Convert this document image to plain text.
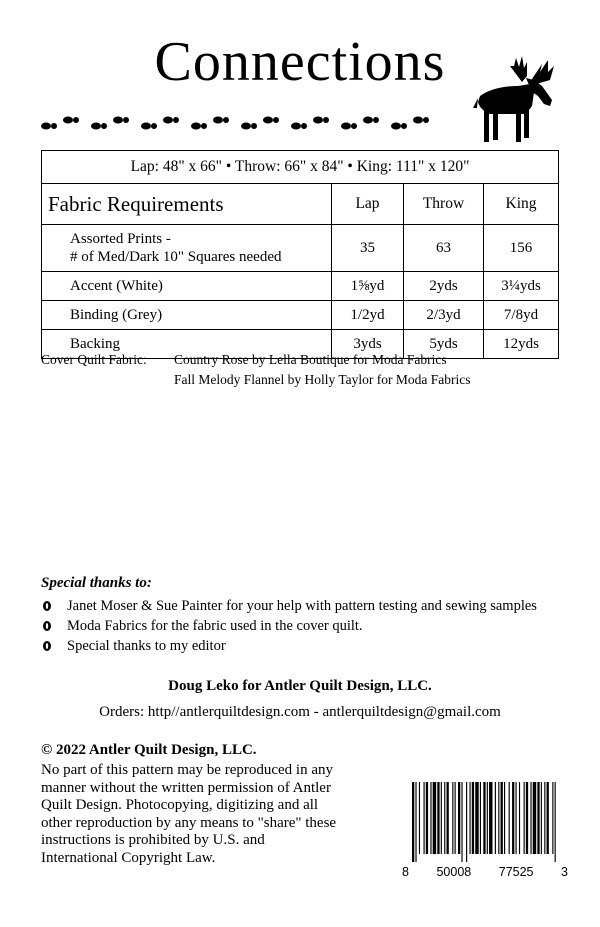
Connections
Lap: 48" x 66" • Throw: 66" x 84" • King: 111" x 120"			
Fabric Requirements	Lap	Throw	King
Assorted Prints -
# of Med/Dark 10" Squares needed	35	63	156
Accent (White)	1⅝yd	2yds	3¼yds
Binding (Grey)	1/2yd	2/3yd	7/8yd
Backing	3yds	5yds	12yds
Cover Quilt Fabric: Country Rose by Lella Boutique for Moda Fabrics
Fall Melody Flannel by Holly Taylor for Moda Fabrics
Special thanks to:
Janet Moser & Sue Painter for your help with pattern testing and sewing samples
Moda Fabrics for the fabric used in the cover quilt.
Special thanks to my editor
Doug Leko for Antler Quilt Design, LLC.
Orders: http//antlerquiltdesign.com - antlerquiltdesign@gmail.com
© 2022 Antler Quilt Design, LLC.

No part of this pattern may be reproduced in any manner without the written permission of Antler Quilt Design. Photocopying, digitizing and all other reproduction by any means to "share" these instructions is prohibited by U.S. and International Copyright Law.

8 50008 77525 3
